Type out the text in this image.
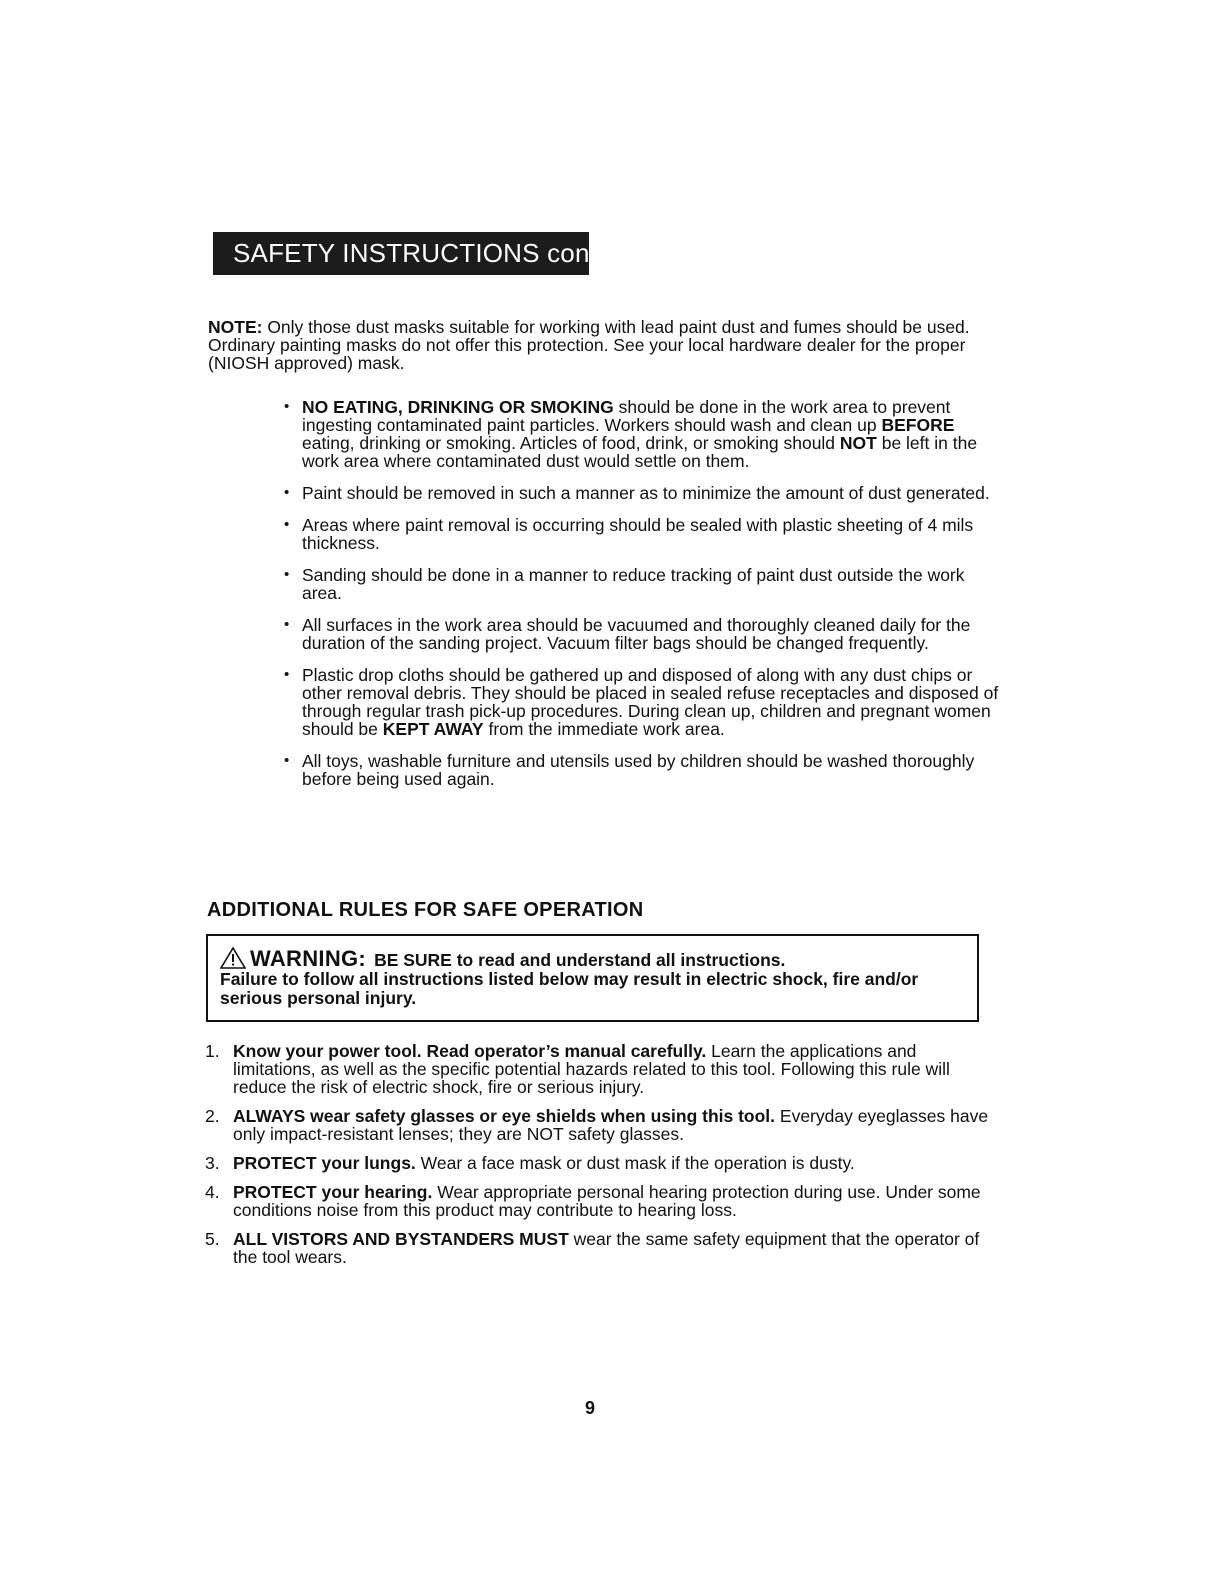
SAFETY INSTRUCTIONS cont.

NOTE: Only those dust masks suitable for working with lead paint dust and fumes should be used. Ordinary painting masks do not offer this protection. See your local hardware dealer for the proper (NIOSH approved) mask.

• NO EATING, DRINKING OR SMOKING should be done in the work area to prevent ingesting contaminated paint particles. Workers should wash and clean up BEFORE eating, drinking or smoking. Articles of food, drink, or smoking should NOT be left in the work area where contaminated dust would settle on them.
• Paint should be removed in such a manner as to minimize the amount of dust generated.
• Areas where paint removal is occurring should be sealed with plastic sheeting of 4 mils thickness.
• Sanding should be done in a manner to reduce tracking of paint dust outside the work area.
• All surfaces in the work area should be vacuumed and thoroughly cleaned daily for the duration of the sanding project. Vacuum filter bags should be changed frequently.
• Plastic drop cloths should be gathered up and disposed of along with any dust chips or other removal debris. They should be placed in sealed refuse receptacles and disposed of through regular trash pick-up procedures. During clean up, children and pregnant women should be KEPT AWAY from the immediate work area.
• All toys, washable furniture and utensils used by children should be washed thoroughly before being used again.
ADDITIONAL RULES FOR SAFE OPERATION
WARNING: BE SURE to read and understand all instructions.
Failure to follow all instructions listed below may result in electric shock, fire and/or serious personal injury.
1. Know your power tool. Read operator’s manual carefully. Learn the applications and limitations, as well as the specific potential hazards related to this tool. Following this rule will reduce the risk of electric shock, fire or serious injury.
2. ALWAYS wear safety glasses or eye shields when using this tool. Everyday eyeglasses have only impact-resistant lenses; they are NOT safety glasses.
3. PROTECT your lungs. Wear a face mask or dust mask if the operation is dusty.
4. PROTECT your hearing. Wear appropriate personal hearing protection during use. Under some conditions noise from this product may contribute to hearing loss.
5. ALL VISTORS AND BYSTANDERS MUST wear the same safety equipment that the operator of the tool wears.
9
